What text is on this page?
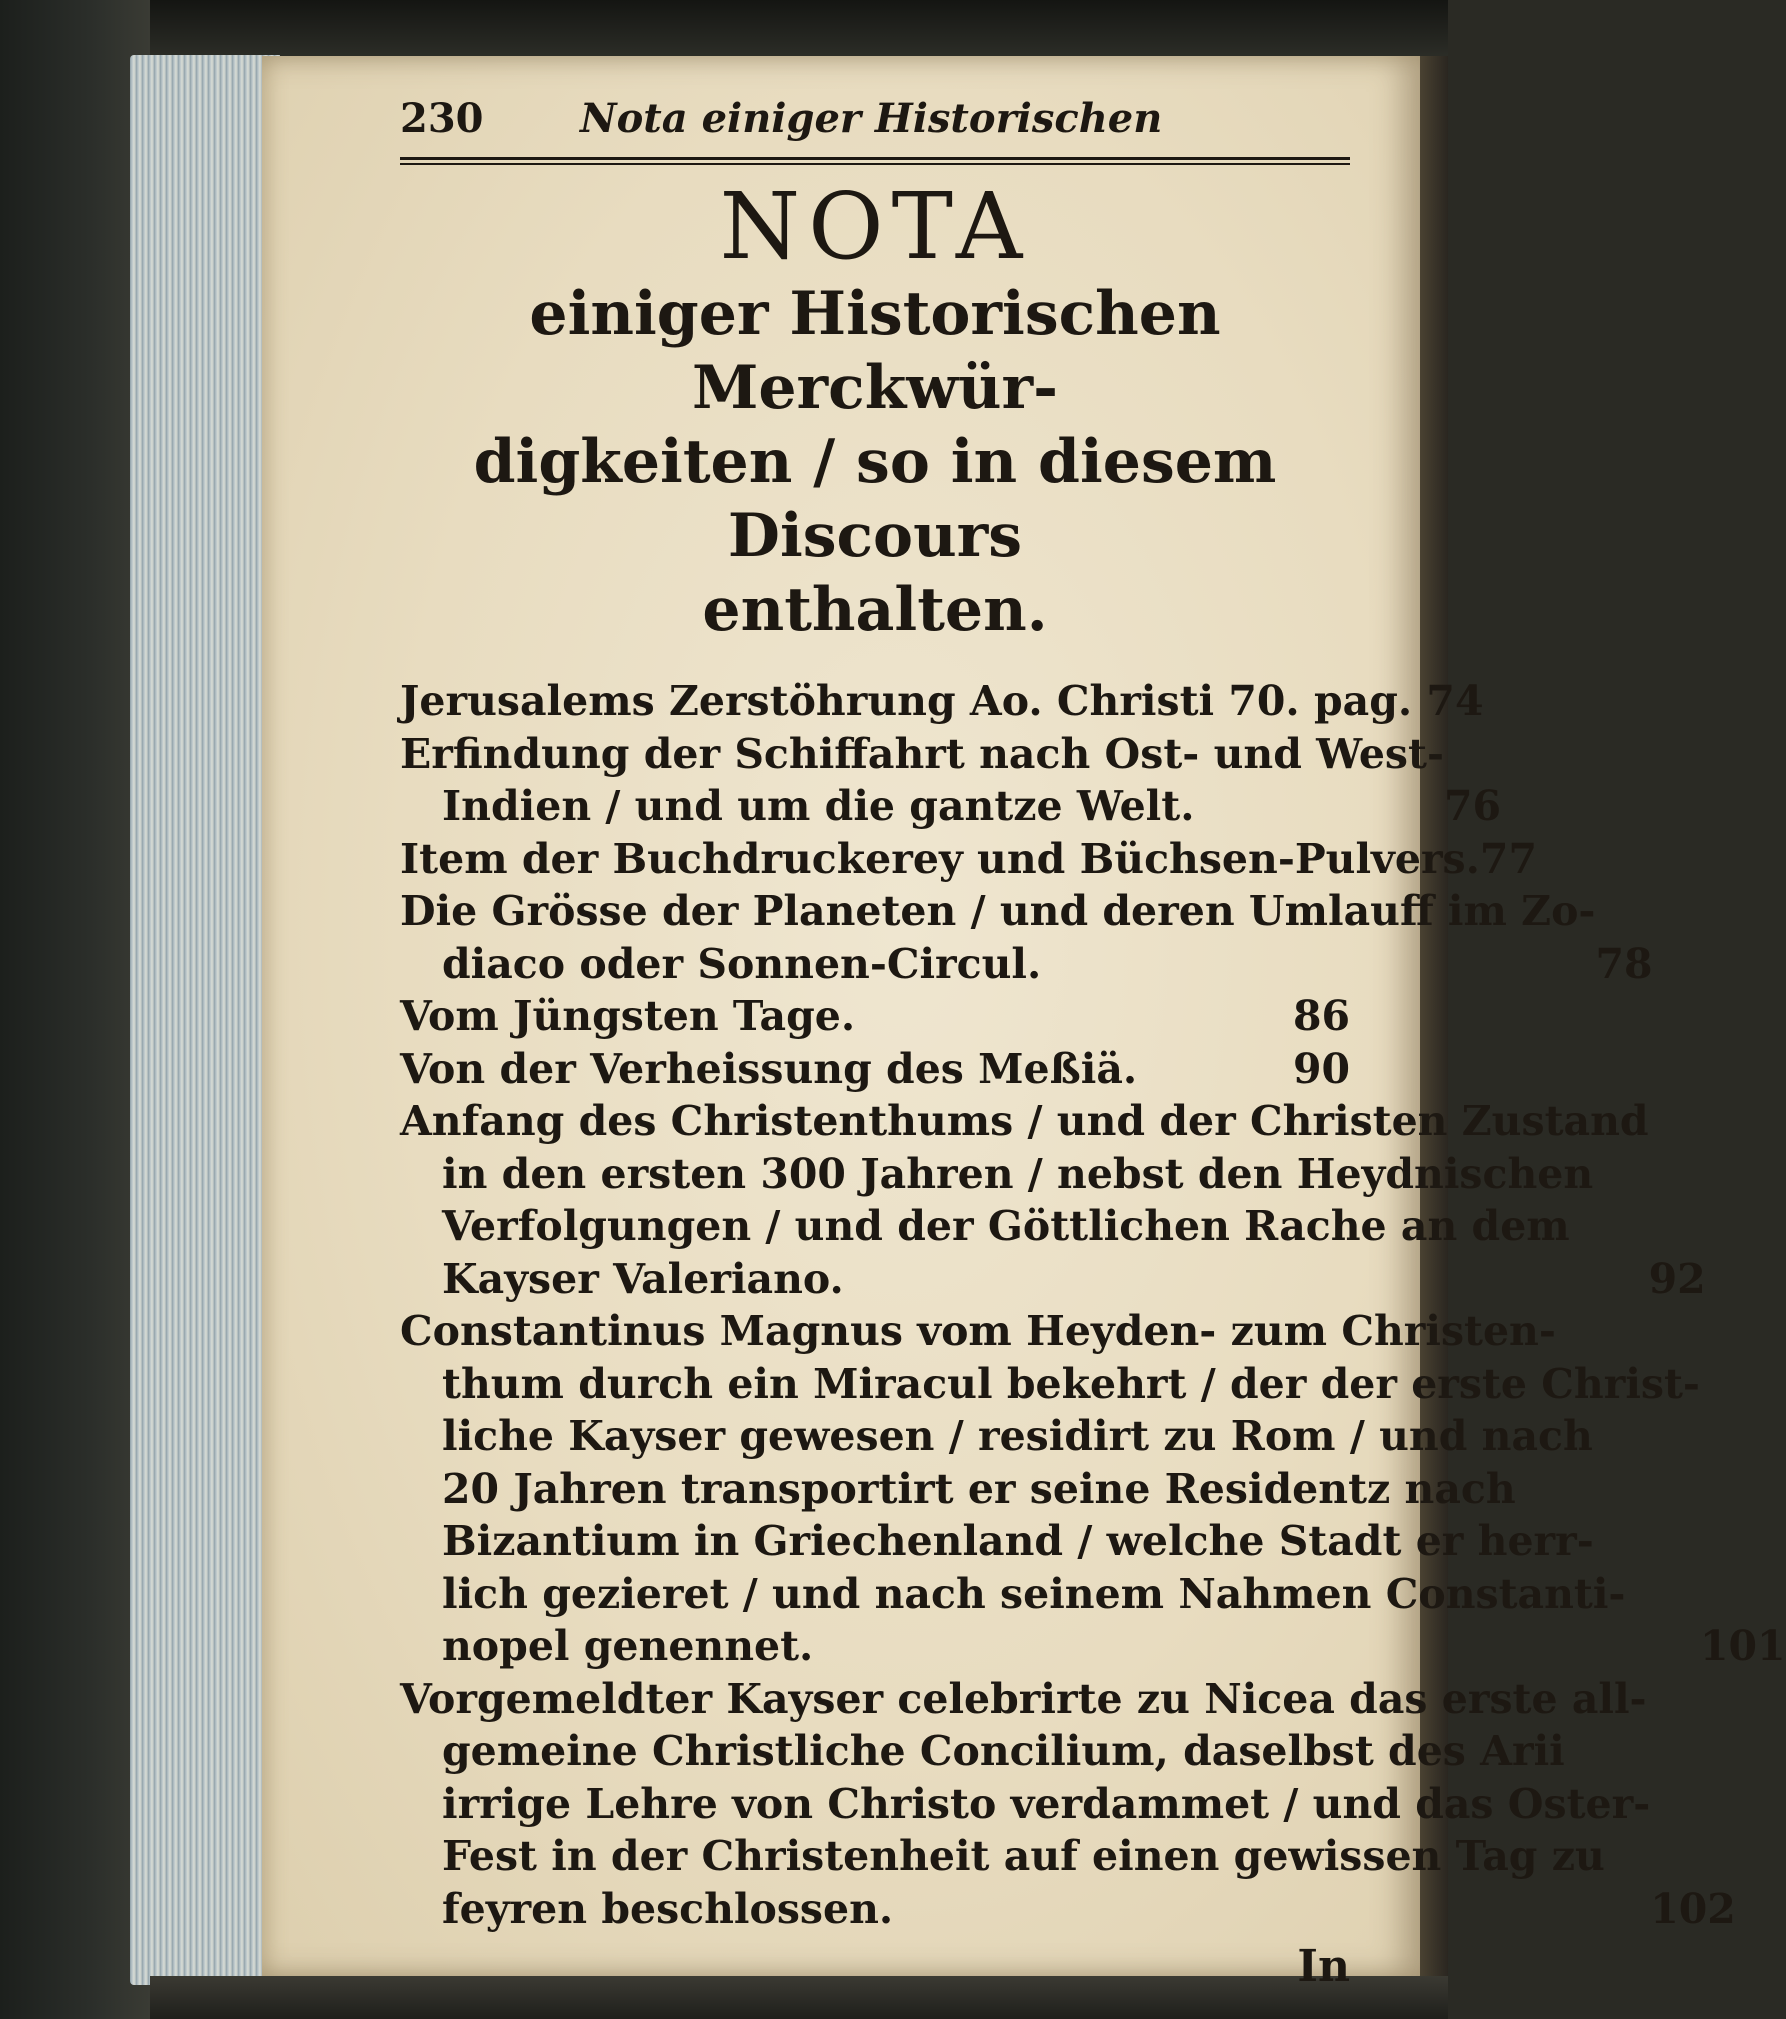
230	Nota einiger Historischen
NOTA
einiger Historischen Merckwür-
digkeiten / so in diesem Discours
enthalten.
Jerusalems Zerstöhrung Ao. Christi 70. pag. 74
Erfindung der Schiffahrt nach Ost- und West-
Indien / und um die gantze Welt.	76
Item der Buchdruckerey und Büchsen-Pulvers. 77
Die Grösse der Planeten / und deren Umlauff im Zo-
diaco oder Sonnen-Circul.	78
Vom Jüngsten Tage.	86
Von der Verheissung des Meßiä.	90
Anfang des Christenthums / und der Christen Zustand
in den ersten 300 Jahren / nebst den Heydnischen
Verfolgungen / und der Göttlichen Rache an dem
Kayser Valeriano.	92
Constantinus Magnus vom Heyden- zum Christen-
thum durch ein Miracul bekehrt / der der erste Christ-
liche Kayser gewesen / residirt zu Rom / und nach
20 Jahren transportirt er seine Residentz nach
Bizantium in Griechenland / welche Stadt er herr-
lich gezieret / und nach seinem Nahmen Constanti-
nopel genennet.	101
Vorgemeldter Kayser celebrirte zu Nicea das erste all-
gemeine Christliche Concilium, daselbst des Arii
irrige Lehre von Christo verdammet / und das Oster-
Fest in der Christenheit auf einen gewissen Tag zu
feyren beschlossen.	102
In
